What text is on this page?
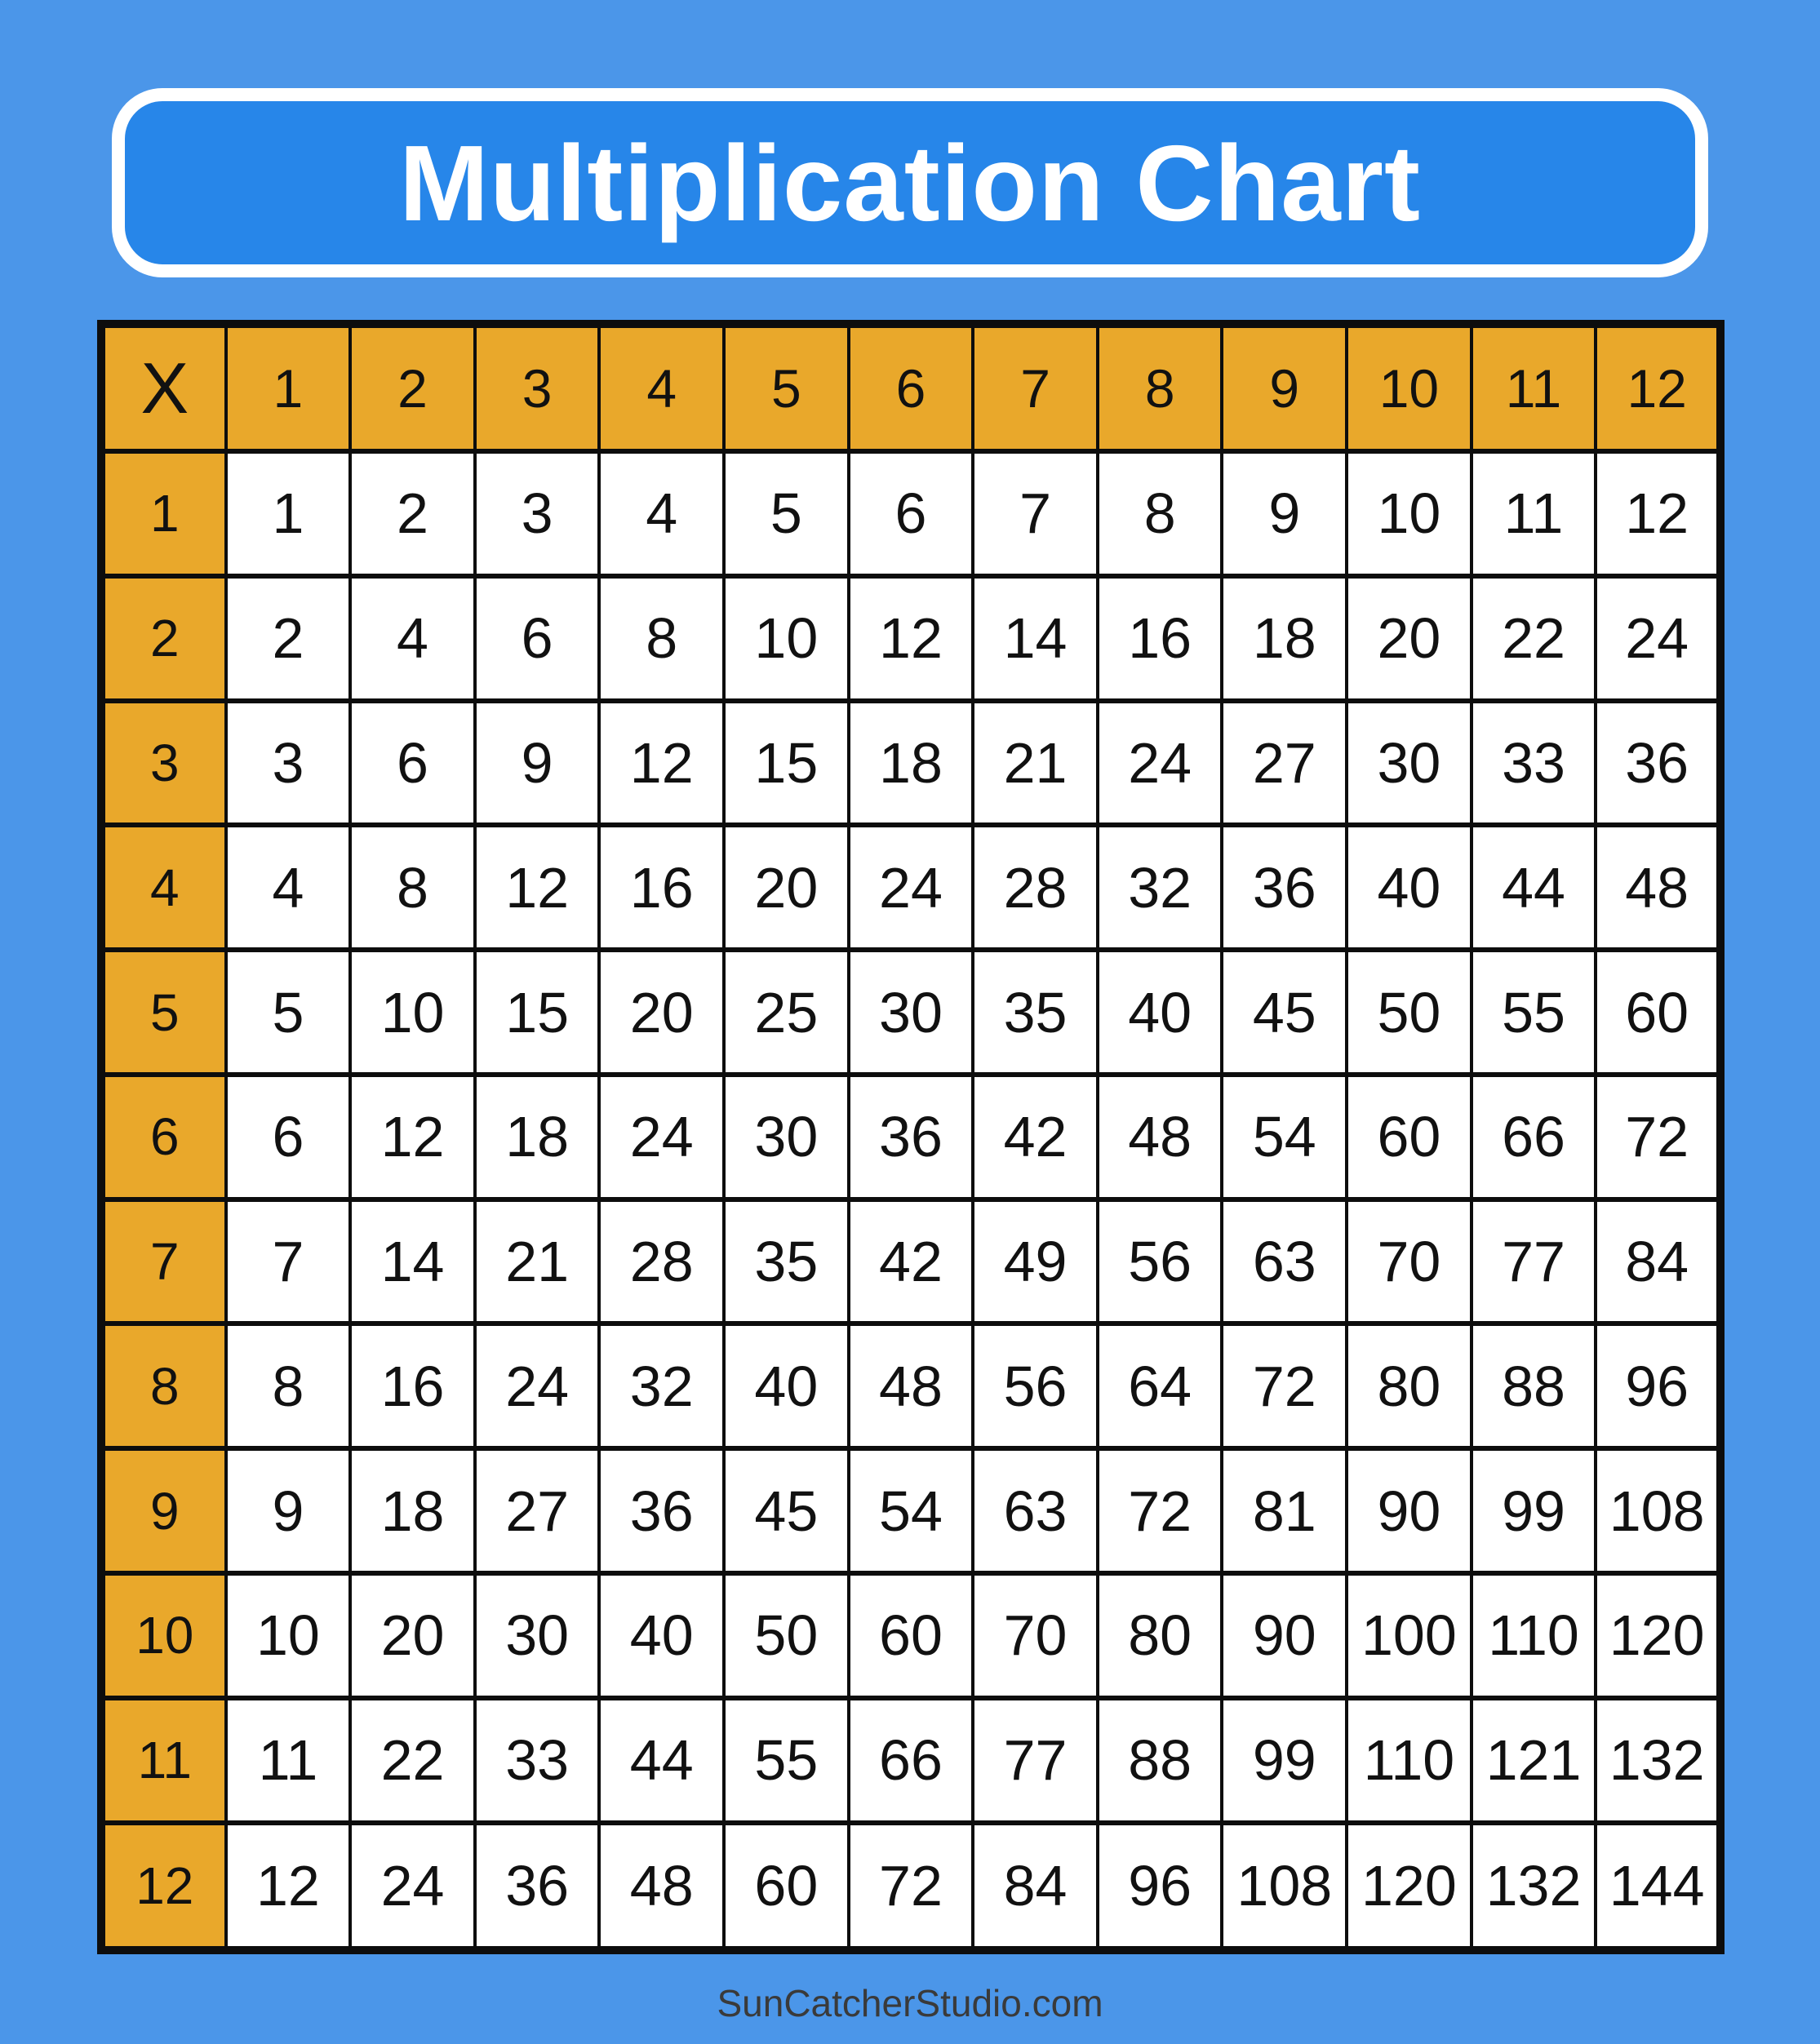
Multiplication Chart
X	1	2	3	4	5	6	7	8	9	10	11	12
1	1	2	3	4	5	6	7	8	9	10	11	12
2	2	4	6	8	10	12	14	16	18	20	22	24
3	3	6	9	12	15	18	21	24	27	30	33	36
4	4	8	12	16	20	24	28	32	36	40	44	48
5	5	10	15	20	25	30	35	40	45	50	55	60
6	6	12	18	24	30	36	42	48	54	60	66	72
7	7	14	21	28	35	42	49	56	63	70	77	84
8	8	16	24	32	40	48	56	64	72	80	88	96
9	9	18	27	36	45	54	63	72	81	90	99	108
10	10	20	30	40	50	60	70	80	90	100	110	120
11	11	22	33	44	55	66	77	88	99	110	121	132
12	12	24	36	48	60	72	84	96	108	120	132	144
SunCatcherStudio.com
